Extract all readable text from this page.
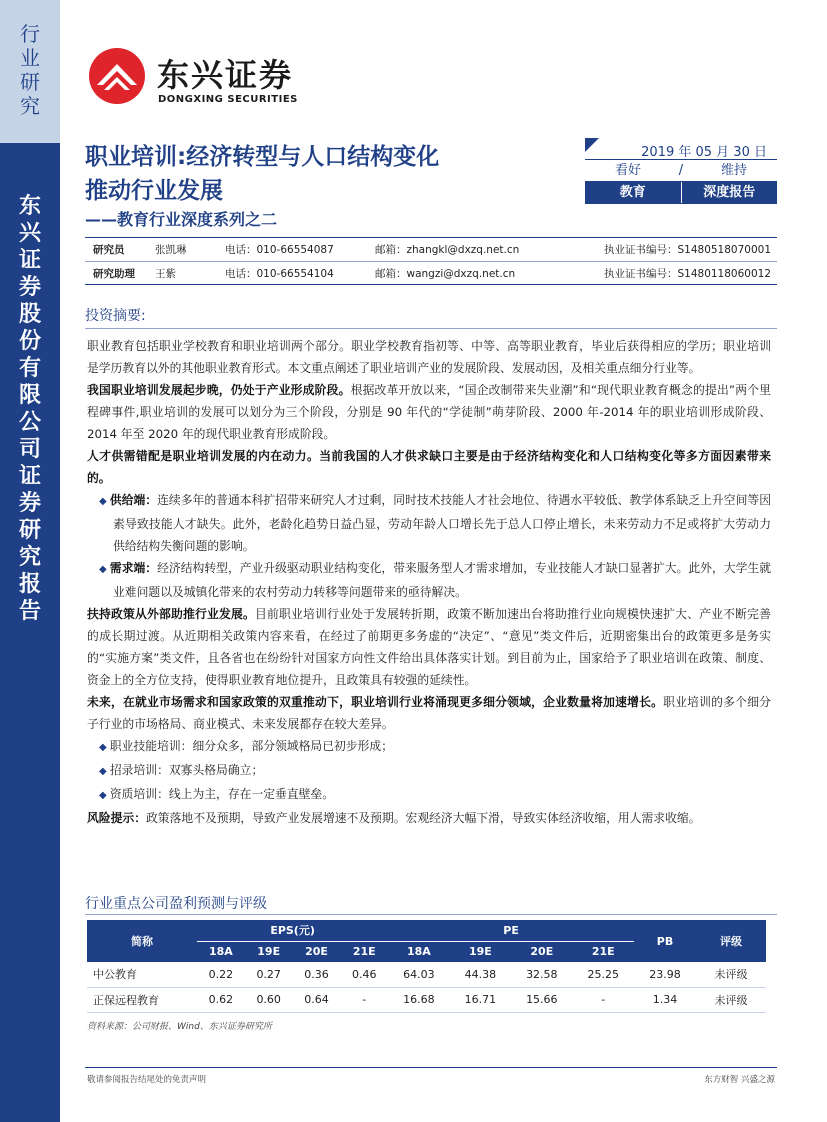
行业研究
东兴证券股份有限公司证券研究报告
东兴证券
DONGXING SECURITIES
职业培训:经济转型与人口结构变化
推动行业发展
——教育行业深度系列之二
2019 年 05 月 30 日
看好	/	维持
教育	深度报告
研究员	张凯琳	电话：010-66554087	邮箱：zhangkl@dxzq.net.cn	执业证书编号：S1480518070001
研究助理	王紫	电话：010-66554104	邮箱：wangzi@dxzq.net.cn	执业证书编号：S1480118060012
投资摘要:

职业教育包括职业学校教育和职业培训两个部分。职业学校教育指初等、中等、高等职业教育，毕业后获得相应的学历；职业培训是学历教育以外的其他职业教育形式。本文重点阐述了职业培训产业的发展阶段、发展动因，及相关重点细分行业等。

我国职业培训发展起步晚，仍处于产业形成阶段。根据改革开放以来，“国企改制带来失业潮”和“现代职业教育概念的提出”两个里程碑事件,职业培训的发展可以划分为三个阶段，分别是 90 年代的“学徒制”萌芽阶段、2000 年-2014 年的职业培训形成阶段、2014 年至 2020 年的现代职业教育形成阶段。

人才供需错配是职业培训发展的内在动力。当前我国的人才供求缺口主要是由于经济结构变化和人口结构变化等多方面因素带来的。

◆ 供给端：连续多年的普通本科扩招带来研究人才过剩，同时技术技能人才社会地位、待遇水平较低、教学体系缺乏上升空间等因素导致技能人才缺失。此外，老龄化趋势日益凸显，劳动年龄人口增长先于总人口停止增长，未来劳动力不足或将扩大劳动力供给结构失衡问题的影响。

◆ 需求端：经济结构转型，产业升级驱动职业结构变化，带来服务型人才需求增加，专业技能人才缺口显著扩大。此外，大学生就业难问题以及城镇化带来的农村劳动力转移等问题带来的亟待解决。

扶持政策从外部助推行业发展。目前职业培训行业处于发展转折期，政策不断加速出台将助推行业向规模快速扩大、产业不断完善的成长期过渡。从近期相关政策内容来看，在经过了前期更多务虚的“决定”、“意见”类文件后，近期密集出台的政策更多是务实的“实施方案”类文件，且各省也在纷纷针对国家方向性文件给出具体落实计划。到目前为止，国家给予了职业培训在政策、制度、资金上的全方位支持，使得职业教育地位提升，且政策具有较强的延续性。

未来，在就业市场需求和国家政策的双重推动下，职业培训行业将涌现更多细分领域，企业数量将加速增长。职业培训的多个细分子行业的市场格局、商业模式、未来发展都存在较大差异。

◆ 职业技能培训：细分众多，部分领域格局已初步形成；

◆ 招录培训：双寡头格局确立；

◆ 资质培训：线上为主，存在一定垂直壁垒。

风险提示：政策落地不及预期，导致产业发展增速不及预期。宏观经济大幅下滑，导致实体经济收缩，用人需求收缩。

行业重点公司盈利预测与评级
简称	EPS(元)				PE				PB	评级
	18A	19E	20E	21E	18A	19E	20E	21E		
中公教育	0.22	0.27	0.36	0.46	64.03	44.38	32.58	25.25	23.98	未评级
正保远程教育	0.62	0.60	0.64	-	16.68	16.71	15.66	-	1.34	未评级
资料来源：公司财报、Wind、东兴证券研究所
敬请参阅报告结尾处的免责声明	东方财智 兴盛之源
